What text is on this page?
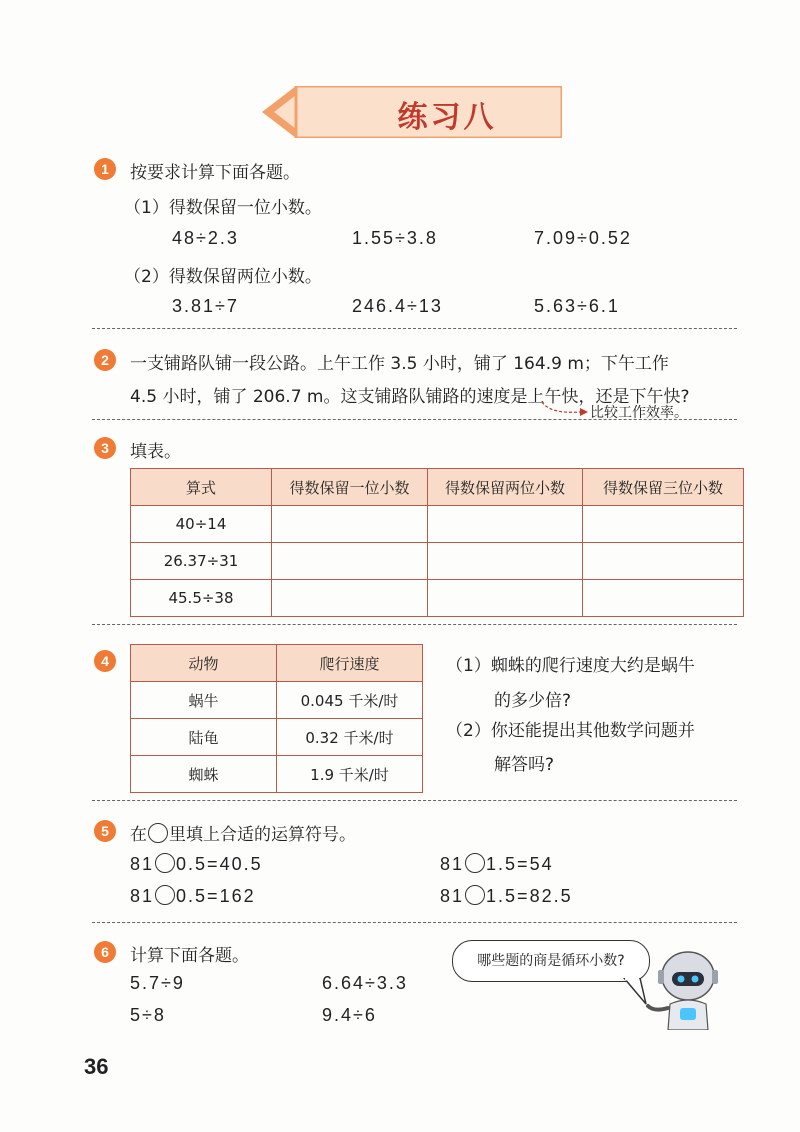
练习八
1	按要求计算下面各题。
（1）得数保留一位小数。
48÷2.3	1.55÷3.8	7.09÷0.52
（2）得数保留两位小数。
3.81÷7	246.4÷13	5.63÷6.1
2	一支铺路队铺一段公路。上午工作 3.5 小时，铺了 164.9 m；下午工作
4.5 小时，铺了 206.7 m。这支铺路队铺路的速度是上午快，还是下午快?
比较工作效率。
3	填表。
算式	得数保留一位小数	得数保留两位小数	得数保留三位小数
40÷14			
26.37÷31			
45.5÷38			
4	动物	爬行速度
蜗牛	0.045 千米/时
陆龟	0.32 千米/时
蜘蛛	1.9 千米/时
（1）蜘蛛的爬行速度大约是蜗牛
的多少倍?
（2）你还能提出其他数学问题并
解答吗?
5	在 里填上合适的运算符号。
81 0.5=40.5	81 1.5=54
81 0.5=162	81 1.5=82.5
6	计算下面各题。
5.7÷9	6.64÷3.3
5÷8	9.4÷6
哪些题的商是循环小数?
36
